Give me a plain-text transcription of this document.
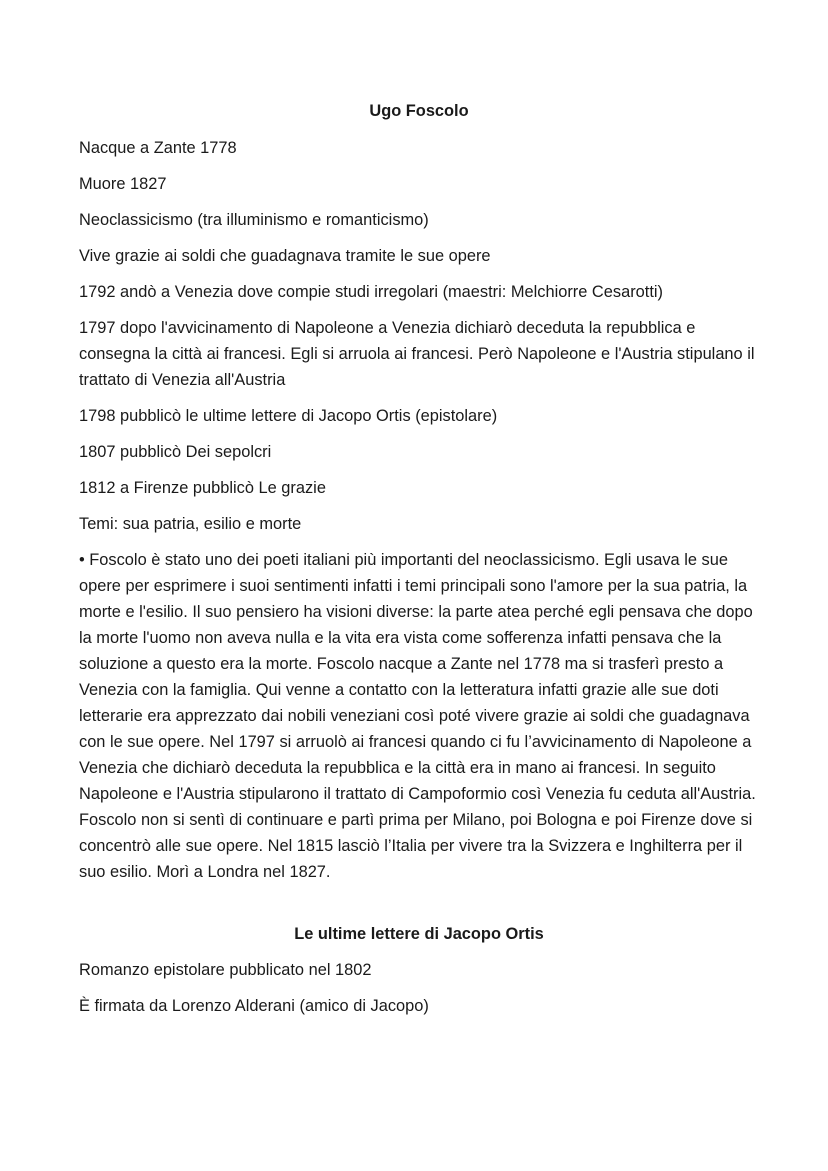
Ugo Foscolo

Nacque a Zante 1778

Muore 1827

Neoclassicismo (tra illuminismo e romanticismo)

Vive grazie ai soldi che guadagnava tramite le sue opere

1792 andò a Venezia dove compie studi irregolari (maestri: Melchiorre Cesarotti)

1797 dopo l'avvicinamento di Napoleone a Venezia dichiarò deceduta la repubblica e consegna la città ai francesi. Egli si arruola ai francesi. Però Napoleone e l'Austria stipulano il trattato di Venezia all'Austria

1798 pubblicò le ultime lettere di Jacopo Ortis (epistolare)

1807 pubblicò Dei sepolcri

1812 a Firenze pubblicò Le grazie

Temi: sua patria, esilio e morte

• Foscolo è stato uno dei poeti italiani più importanti del neoclassicismo. Egli usava le sue opere per esprimere i suoi sentimenti infatti i temi principali sono l'amore per la sua patria, la morte e l'esilio. Il suo pensiero ha visioni diverse: la parte atea perché egli pensava che dopo la morte l'uomo non aveva nulla e la vita era vista come sofferenza infatti pensava che la soluzione a questo era la morte. Foscolo nacque a Zante nel 1778 ma si trasferì presto a Venezia con la famiglia. Qui venne a contatto con la letteratura infatti grazie alle sue doti letterarie era apprezzato dai nobili veneziani così poté vivere grazie ai soldi che guadagnava con le sue opere. Nel 1797 si arruolò ai francesi quando ci fu l’avvicinamento di Napoleone a Venezia che dichiarò deceduta la repubblica e la città era in mano ai francesi. In seguito Napoleone e l'Austria stipularono il trattato di Campoformio così Venezia fu ceduta all'Austria. Foscolo non si sentì di continuare e partì prima per Milano, poi Bologna e poi Firenze dove si concentrò alle sue opere. Nel 1815 lasciò l’Italia per vivere tra la Svizzera e Inghilterra per il suo esilio. Morì a Londra nel 1827.

Le ultime lettere di Jacopo Ortis

Romanzo epistolare pubblicato nel 1802

È firmata da Lorenzo Alderani (amico di Jacopo)
